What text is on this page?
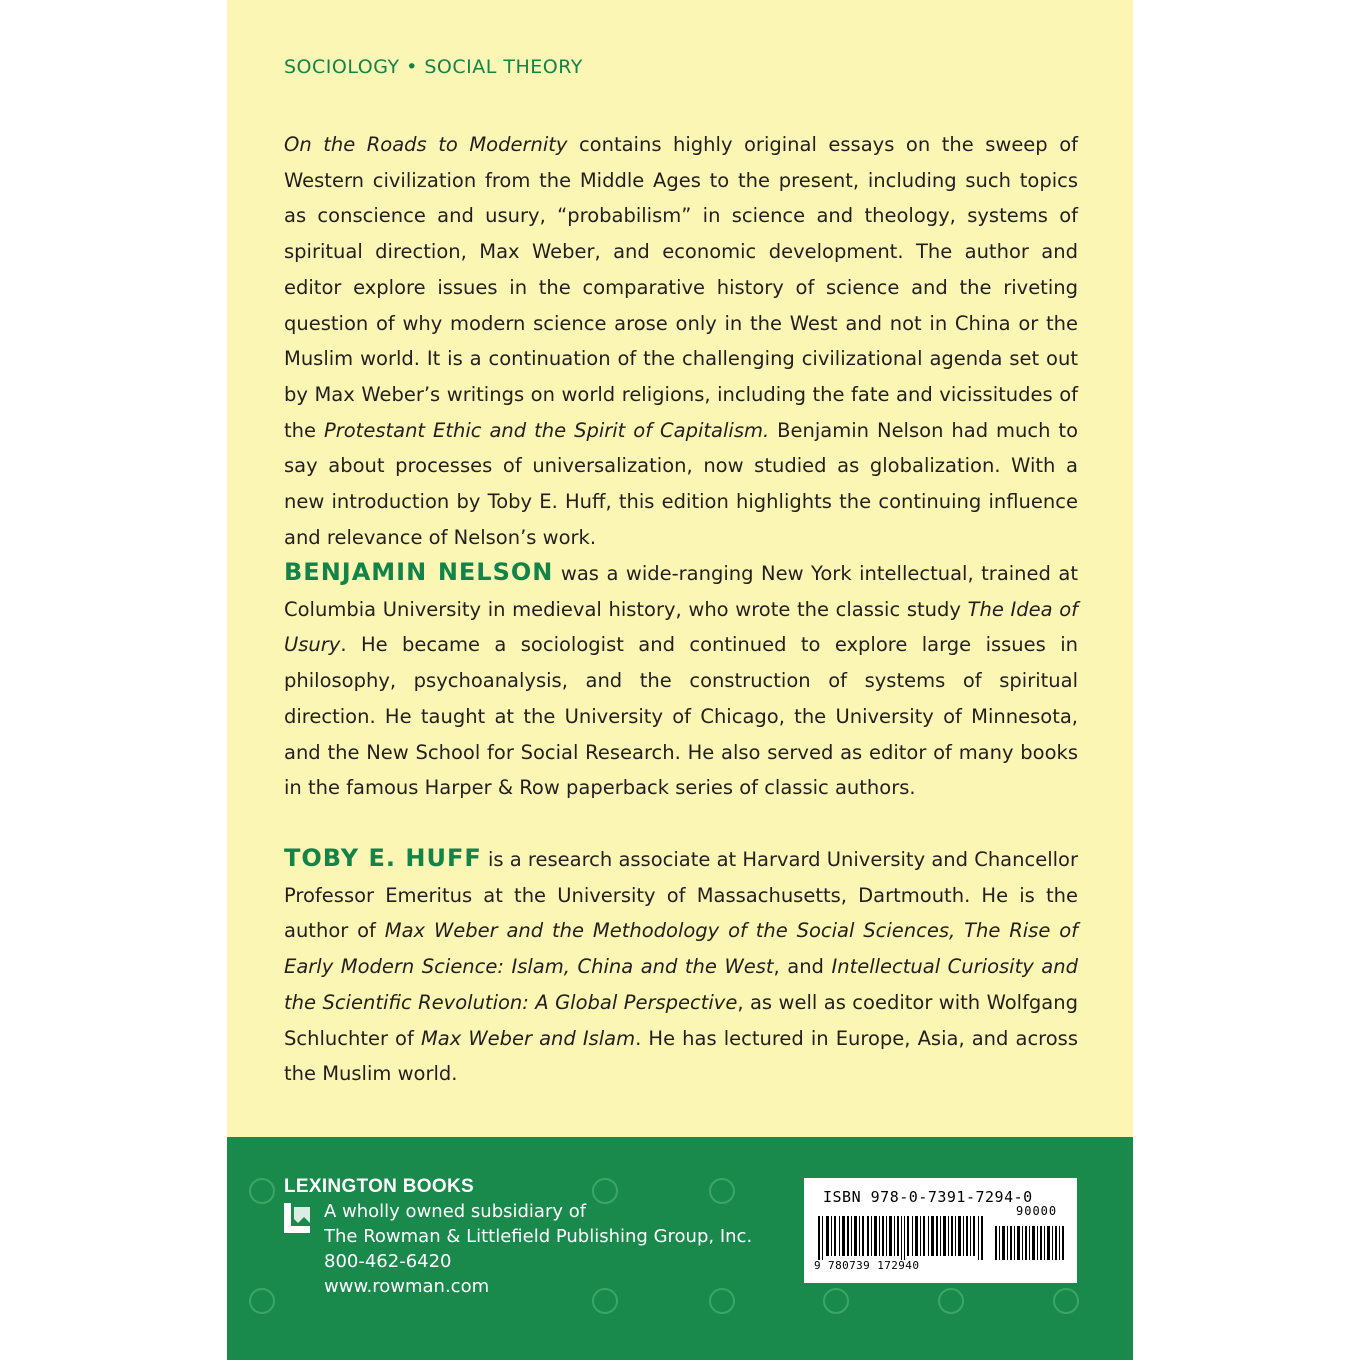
SOCIOLOGY • SOCIAL THEORY

On the Roads to Modernity contains highly original essays on the sweep of Western civilization from the Middle Ages to the present, including such topics as conscience and usury, “probabilism” in science and theology, systems of spiritual direction, Max Weber, and economic development. The author and editor explore issues in the comparative history of science and the riveting question of why modern science arose only in the West and not in China or the Muslim world. It is a continuation of the challenging civilizational agenda set out by Max Weber’s writings on world religions, including the fate and vicissitudes of the Protestant Ethic and the Spirit of Capitalism. Benjamin Nelson had much to say about processes of universalization, now studied as globalization. With a new introduction by Toby E. Huff, this edition highlights the continuing influence and relevance of Nelson’s work.

BENJAMIN NELSON was a wide-ranging New York intellectual, trained at Columbia University in medieval history, who wrote the classic study The Idea of Usury. He became a sociologist and continued to explore large issues in philosophy, psychoanalysis, and the construction of systems of spiritual direction. He taught at the University of Chicago, the University of Minnesota, and the New School for Social Research. He also served as editor of many books in the famous Harper & Row paperback series of classic authors.

TOBY E. HUFF is a research associate at Harvard University and Chancellor Professor Emeritus at the University of Massachusetts, Dartmouth. He is the author of Max Weber and the Methodology of the Social Sciences, The Rise of Early Modern Science: Islam, China and the West, and Intellectual Curiosity and the Scientific Revolution: A Global Perspective, as well as coeditor with Wolfgang Schluchter of Max Weber and Islam. He has lectured in Europe, Asia, and across the Muslim world.

LEXINGTON BOOKS
A wholly owned subsidiary of
The Rowman & Littlefield Publishing Group, Inc.
800-462-6420
www.rowman.com
ISBN 978-0-7391-7294-0
90000
9 780739 172940
